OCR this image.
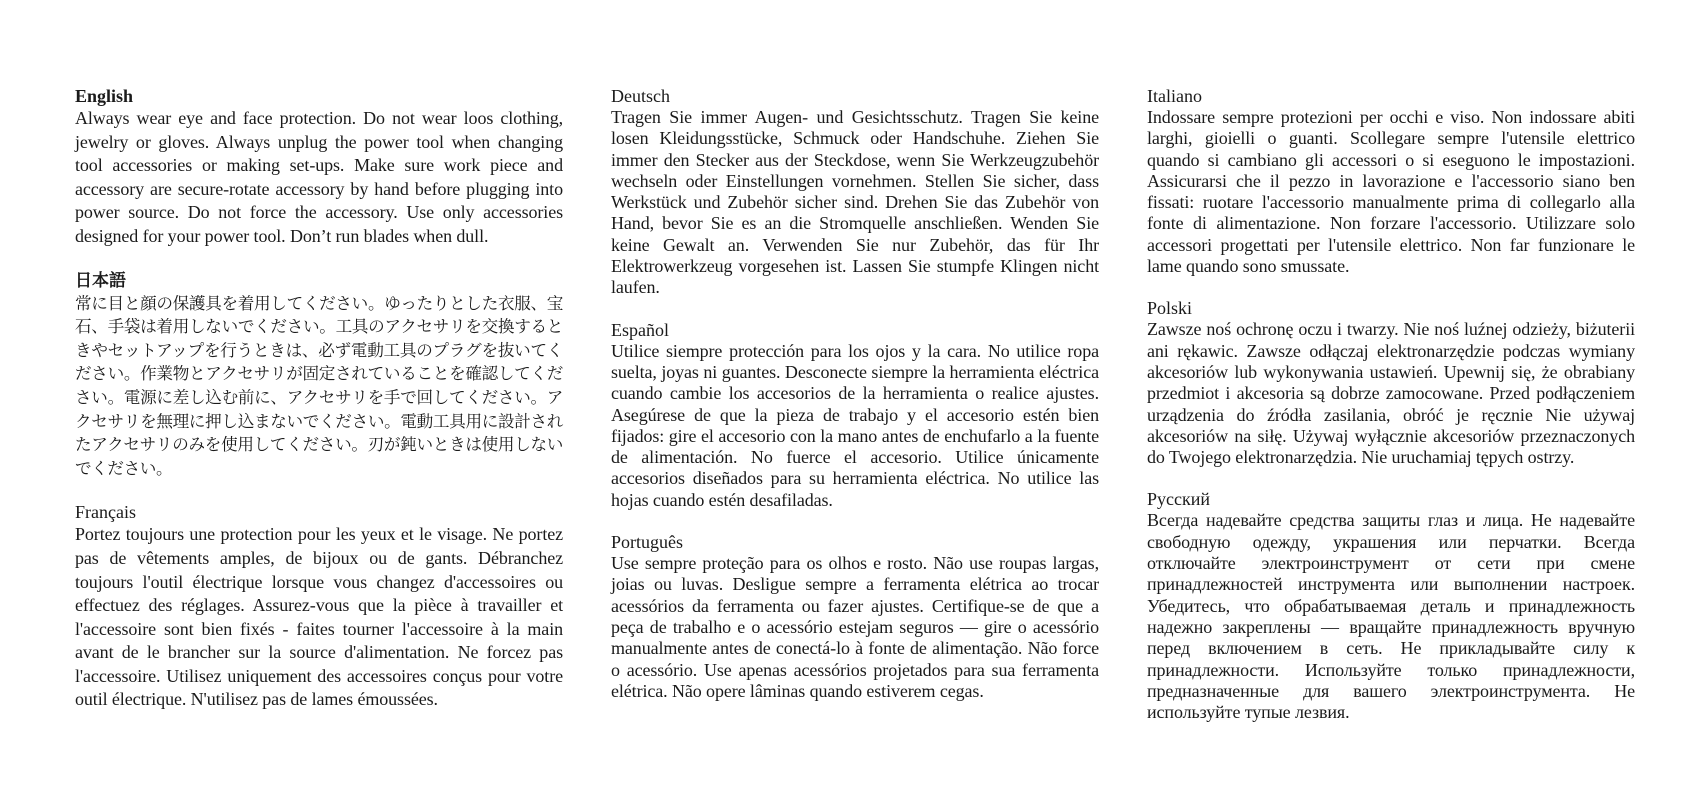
English

Always wear eye and face protection. Do not wear loos clothing, jewelry or gloves. Always unplug the power tool when changing tool accessories or making set-ups. Make sure work piece and accessory are secure-rotate accessory by hand before plugging into power source. Do not force the accessory. Use only accessories designed for your power tool. Don’t run blades when dull.

日本語

常に目と顔の保護具を着用してください。ゆったりとした衣服、宝石、手袋は着用しないでください。工具のアクセサリを交換するときやセットアップを行うときは、必ず電動工具のプラグを抜いてください。作業物とアクセサリが固定されていることを確認してください。電源に差し込む前に、アクセサリを手で回してください。アクセサリを無理に押し込まないでください。電動工具用に設計されたアクセサリのみを使用してください。刃が鈍いときは使用しないでください。

Français

Portez toujours une protection pour les yeux et le visage. Ne portez pas de vêtements amples, de bijoux ou de gants. Débranchez toujours l'outil électrique lorsque vous changez d'accessoires ou effectuez des réglages. Assurez-vous que la pièce à travailler et l'accessoire sont bien fixés - faites tourner l'accessoire à la main avant de le brancher sur la source d'alimentation. Ne forcez pas l'accessoire. Utilisez uniquement des accessoires conçus pour votre outil électrique. N'utilisez pas de lames émoussées.

Deutsch

Tragen Sie immer Augen- und Gesichtsschutz. Tragen Sie keine losen Kleidungsstücke, Schmuck oder Handschuhe. Ziehen Sie immer den Stecker aus der Steckdose, wenn Sie Werkzeugzubehör wechseln oder Einstellungen vornehmen. Stellen Sie sicher, dass Werkstück und Zubehör sicher sind. Drehen Sie das Zubehör von Hand, bevor Sie es an die Stromquelle anschließen. Wenden Sie keine Gewalt an. Verwenden Sie nur Zubehör, das für Ihr Elektrowerkzeug vorgesehen ist. Lassen Sie stumpfe Klingen nicht laufen.

Español

Utilice siempre protección para los ojos y la cara. No utilice ropa suelta, joyas ni guantes. Desconecte siempre la herramienta eléctrica cuando cambie los accesorios de la herramienta o realice ajustes. Asegúrese de que la pieza de trabajo y el accesorio estén bien fijados: gire el accesorio con la mano antes de enchufarlo a la fuente de alimentación. No fuerce el accesorio. Utilice únicamente accesorios diseñados para su herramienta eléctrica. No utilice las hojas cuando estén desafiladas.

Português

Use sempre proteção para os olhos e rosto. Não use roupas largas, joias ou luvas. Desligue sempre a ferramenta elétrica ao trocar acessórios da ferramenta ou fazer ajustes. Certifique-se de que a peça de trabalho e o acessório estejam seguros — gire o acessório manualmente antes de conectá-lo à fonte de alimentação. Não force o acessório. Use apenas acessórios projetados para sua ferramenta elétrica. Não opere lâminas quando estiverem cegas.

Italiano

Indossare sempre protezioni per occhi e viso. Non indossare abiti larghi, gioielli o guanti. Scollegare sempre l'utensile elettrico quando si cambiano gli accessori o si eseguono le impostazioni. Assicurarsi che il pezzo in lavorazione e l'accessorio siano ben fissati: ruotare l'accessorio manualmente prima di collegarlo alla fonte di alimentazione. Non forzare l'accessorio. Utilizzare solo accessori progettati per l'utensile elettrico. Non far funzionare le lame quando sono smussate.

Polski

Zawsze noś ochronę oczu i twarzy. Nie noś luźnej odzieży, biżuterii ani rękawic. Zawsze odłączaj elektronarzędzie podczas wymiany akcesoriów lub wykonywania ustawień. Upewnij się, że obrabiany przedmiot i akcesoria są dobrze zamocowane. Przed podłączeniem urządzenia do źródła zasilania, obróć je ręcznie Nie używaj akcesoriów na siłę. Używaj wyłącznie akcesoriów przeznaczonych do Twojego elektronarzędzia. Nie uruchamiaj tępych ostrzy.

Русский

Всегда надевайте средства защиты глаз и лица. Не надевайте свободную одежду, украшения или перчатки. Всегда отключайте электроинструмент от сети при смене принадлежностей инструмента или выполнении настроек. Убедитесь, что обрабатываемая деталь и принадлежность надежно закреплены — вращайте принадлежность вручную перед включением в сеть. Не прикладывайте силу к принадлежности. Используйте только принадлежности, предназначенные для вашего электроинструмента. Не используйте тупые лезвия.
